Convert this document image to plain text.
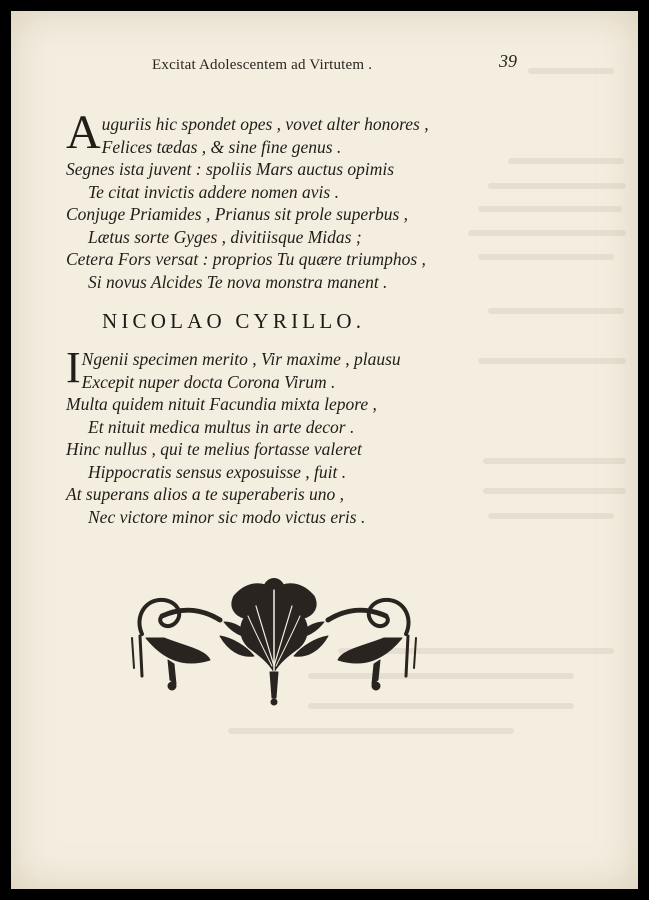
Excitat Adolescentem ad Virtutem .	39
Auguriis hic spondet opes , vovet alter honores ,
Felices tædas , & sine fine genus .
Segnes ista juvent : spoliis Mars auctus opimis
Te citat invictis addere nomen avis .
Conjuge Priamides , Prianus sit prole superbus ,
Lætus sorte Gyges , divitiisque Midas ;
Cetera Fors versat : proprios Tu quære triumphos ,
Si novus Alcides Te nova monstra manent .
NICOLAO CYRILLO.
I Ngenii specimen merito , Vir maxime , plausu
Excepit nuper docta Corona Virum .
Multa quidem nituit Facundia mixta lepore ,
Et nituit medica multus in arte decor .
Hinc nullus , qui te melius fortasse valeret
Hippocratis sensus exposuisse , fuit .
At superans alios a te superaberis uno ,
Nec victore minor sic modo victus eris .
